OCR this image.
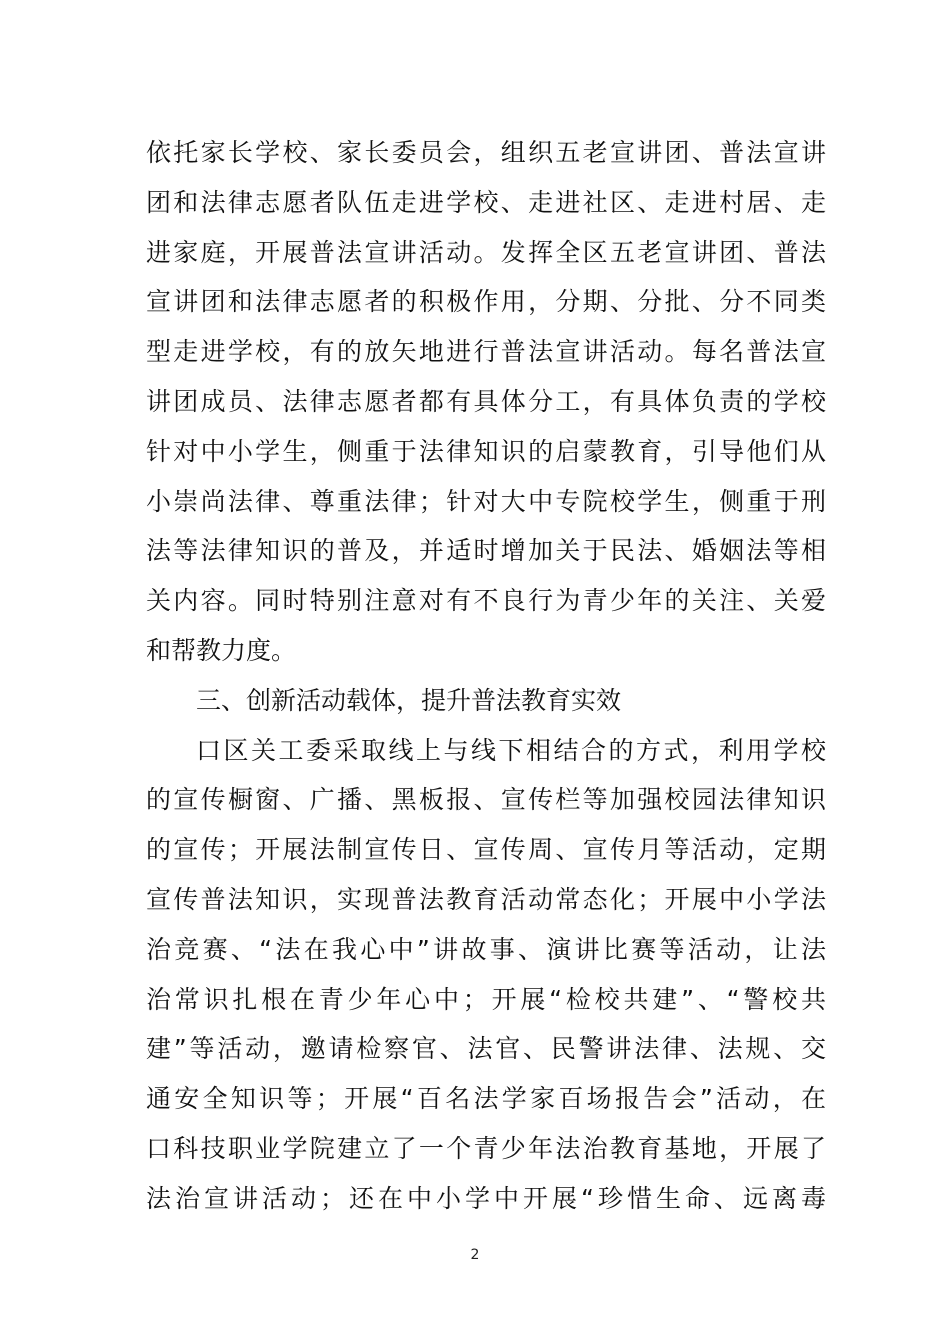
依托家长学校、家长委员会，组织五老宣讲团、普法宣讲
团和法律志愿者队伍走进学校、走进社区、走进村居、走
进家庭，开展普法宣讲活动。发挥全区五老宣讲团、普法
宣讲团和法律志愿者的积极作用，分期、分批、分不同类
型走进学校，有的放矢地进行普法宣讲活动。每名普法宣
讲团成员、法律志愿者都有具体分工，有具体负责的学校
针对中小学生，侧重于法律知识的启蒙教育，引导他们从
小崇尚法律、尊重法律；针对大中专院校学生，侧重于刑
法等法律知识的普及，并适时增加关于民法、婚姻法等相
关内容。同时特别注意对有不良行为青少年的关注、关爱
和帮教力度。
三、创新活动载体，提升普法教育实效
口区关工委采取线上与线下相结合的方式，利用学校
的宣传橱窗、广播、黑板报、宣传栏等加强校园法律知识
的宣传；开展法制宣传日、宣传周、宣传月等活动，定期
宣传普法知识，实现普法教育活动常态化；开展中小学法
治竞赛、“法在我心中”讲故事、演讲比赛等活动，让法
治常识扎根在青少年心中；开展“检校共建”、“警校共
建”等活动，邀请检察官、法官、民警讲法律、法规、交
通安全知识等；开展“百名法学家百场报告会”活动，在
口科技职业学院建立了一个青少年法治教育基地，开展了
法治宣讲活动；还在中小学中开展“珍惜生命、远离毒
2
